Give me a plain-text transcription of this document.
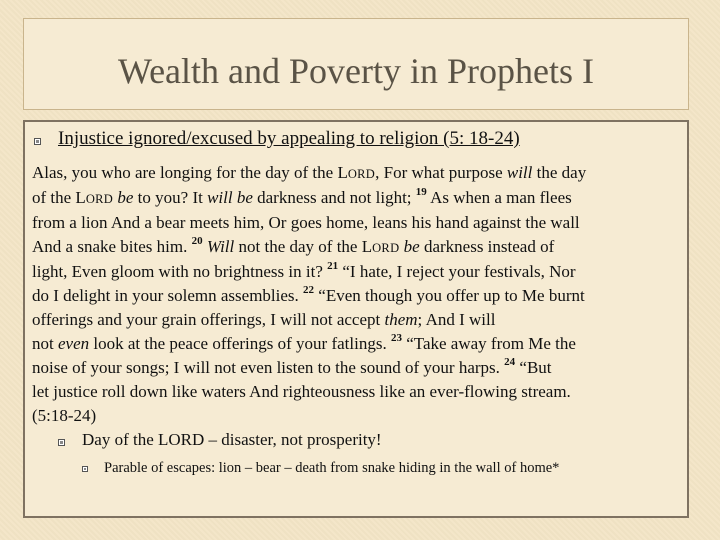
Wealth and Poverty in Prophets I
Injustice ignored/excused by appealing to religion (5: 18-24)
Alas, you who are longing for the day of the LORD, For what purpose will the day
of the LORD be to you? It will be darkness and not light; $^{19}$ As when a man flees
from a lion And a bear meets him, Or goes home, leans his hand against the wall
And a snake bites him. $^{20}$ Will not the day of the LORD be darkness instead of
light, Even gloom with no brightness in it? $^{21}$ “I hate, I reject your festivals, Nor
do I delight in your solemn assemblies. $^{22}$ “Even though you offer up to Me burnt
offerings and your grain offerings, I will not accept them; And I will
not even look at the peace offerings of your fatlings. $^{23}$ “Take away from Me the
noise of your songs; I will not even listen to the sound of your harps. $^{24}$ “But
let justice roll down like waters And righteousness like an ever-flowing stream.
(5:18-24)
Day of the LORD – disaster, not prosperity!
Parable of escapes: lion – bear – death from snake hiding in the wall of home*
